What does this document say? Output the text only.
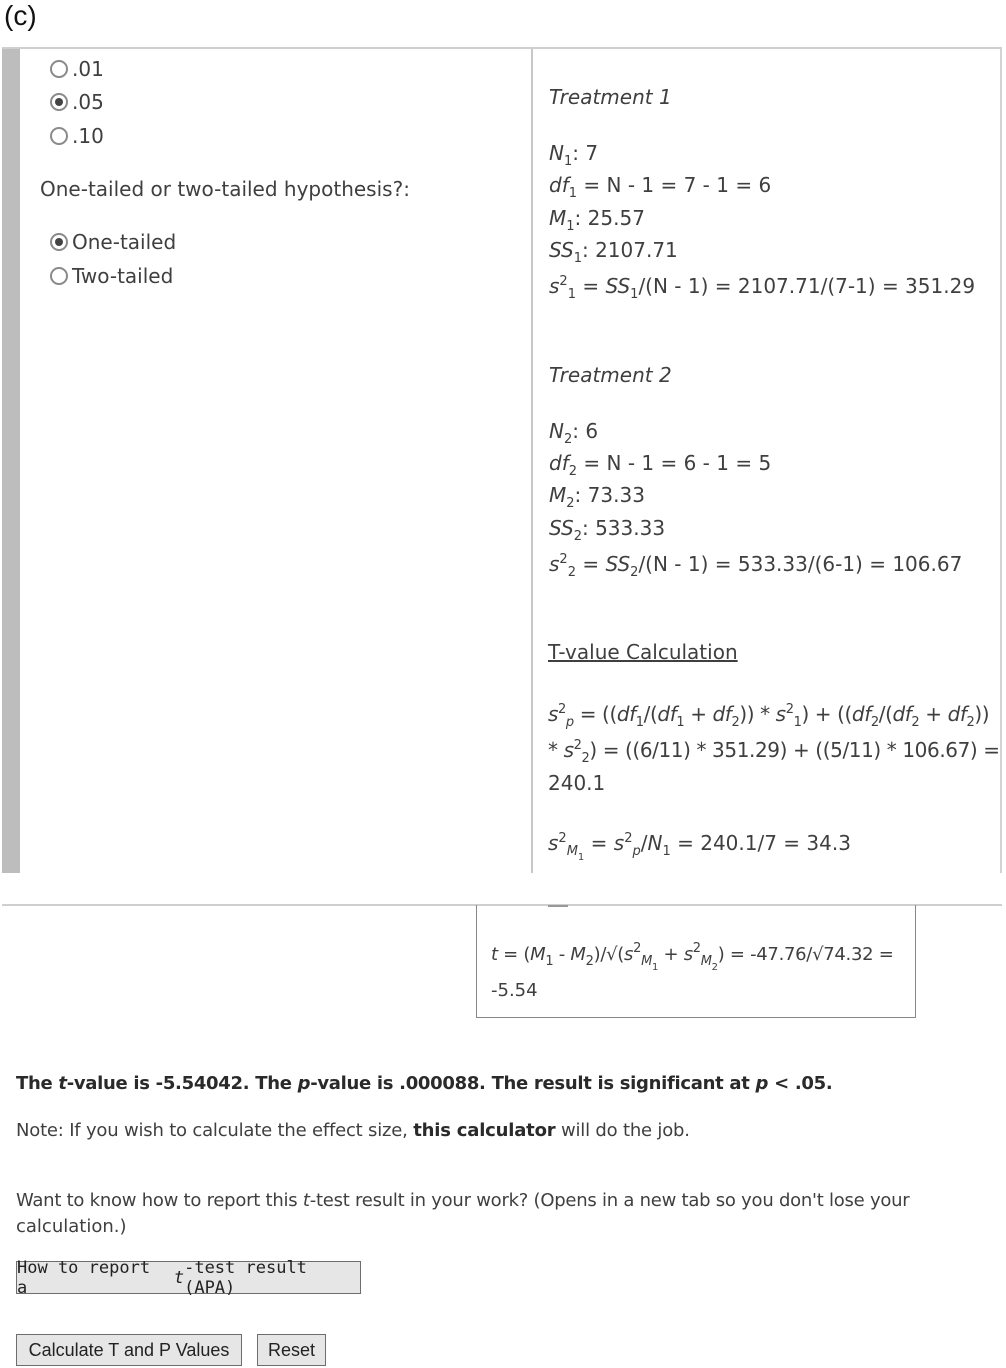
(c)
.01
.05
.10
One-tailed or two-tailed hypothesis?:
One-tailed
Two-tailed
Treatment 1
$N_1$: 7
$df_1 = N - 1 = 7 - 1 = 6$
$M_1$: 25.57
$SS_1$: 2107.71
$s^2_1 = SS_1/(N - 1) = 2107.71/(7-1) = 351.29$
Treatment 2
$N_2$: 6
$df_2 = N - 1 = 6 - 1 = 5$
$M_2$: 73.33
$SS_2$: 533.33
$s^2_2 = SS_2/(N - 1) = 533.33/(6-1) = 106.67$
T-value Calculation
$s^2_p = ((df_1/(df_1 + df_2)) * s^2_1) + ((df_2/(df_2 + df_2))$
* $s^2_2) = ((6/11) * 351.29) + ((5/11) * 106.67)$ =
240.1
$s^2_{M_1} = s^2_p/N_1 = 240.1/7 = 34.3$
$t = (M_1 - M_2)/√(s^2_{M_1} + s^2_{M_2}) = -47.76/√74.32$ =
-5.54
The t-value is -5.54042. The p-value is .000088. The result is significant at p < .05.
Note: If you wish to calculate the effect size, this calculator will do the job.
Want to know how to report this t-test result in your work? (Opens in a new tab so you don't lose your
calculation.)
How to report a
	t -test result (APA)
Calculate T and P Values	Reset
